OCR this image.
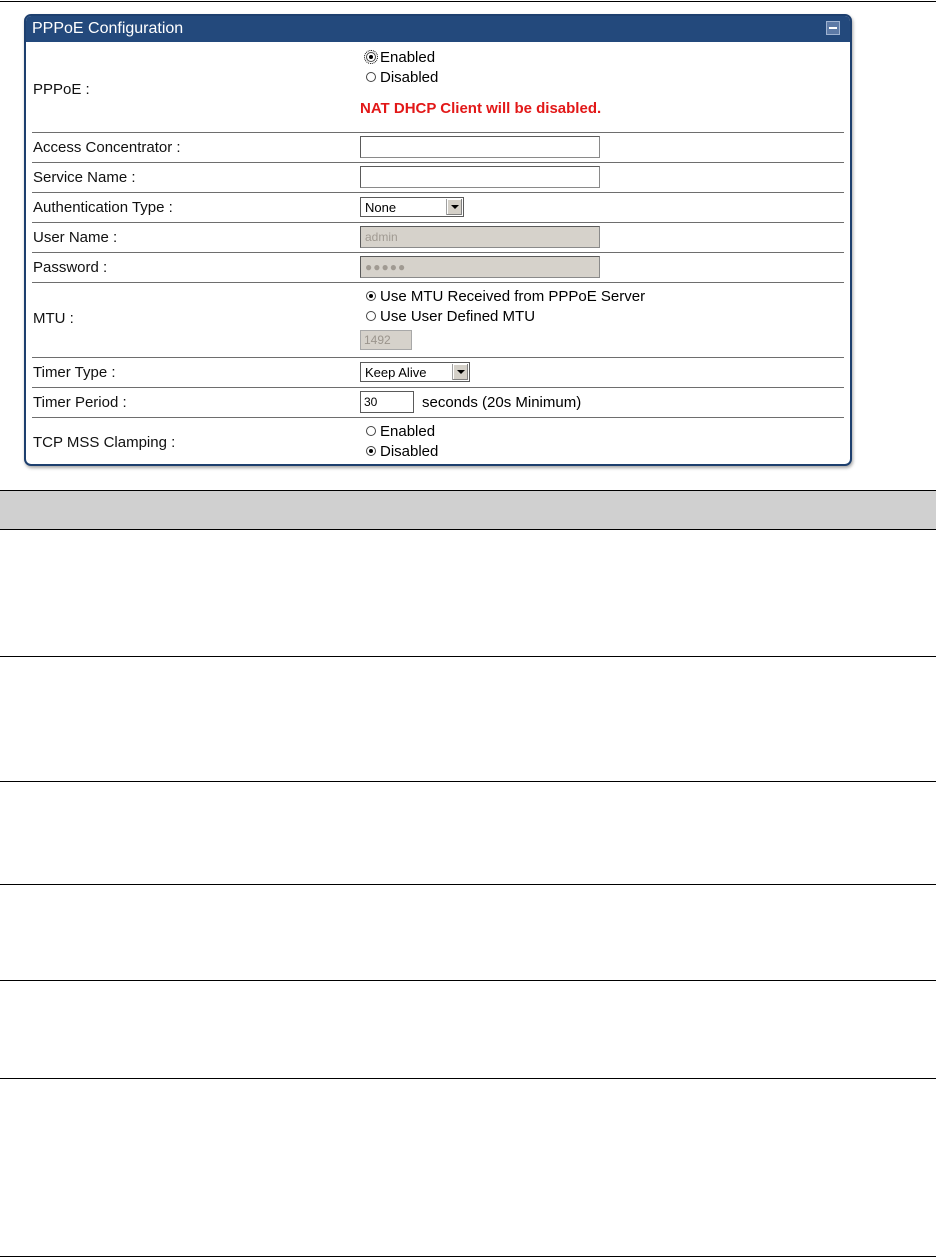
PPPoE Configuration
PPPoE :
Enabled
Disabled
NAT DHCP Client will be disabled.
Access Concentrator :
Service Name :
Authentication Type :	None
User Name :	admin
Password :	●●●●●
MTU :
Use MTU Received from PPPoE Server
Use User Defined MTU
1492
Timer Type :	Keep Alive
Timer Period :	30	seconds (20s Minimum)
TCP MSS Clamping :
Enabled
Disabled
